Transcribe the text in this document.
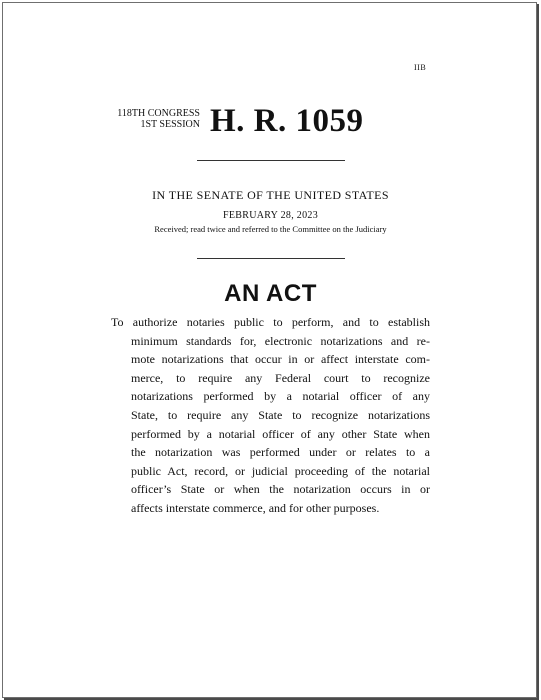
IIB
118TH CONGRESS
1ST SESSION H. R. 1059
IN THE SENATE OF THE UNITED STATES
FEBRUARY 28, 2023
Received; read twice and referred to the Committee on the Judiciary
AN ACT
To authorize notaries public to perform, and to establish
minimum standards for, electronic notarizations and re-
mote notarizations that occur in or affect interstate com-
merce, to require any Federal court to recognize
notarizations performed by a notarial officer of any
State, to require any State to recognize notarizations
performed by a notarial officer of any other State when
the notarization was performed under or relates to a
public Act, record, or judicial proceeding of the notarial
officer’s State or when the notarization occurs in or
affects interstate commerce, and for other purposes.
